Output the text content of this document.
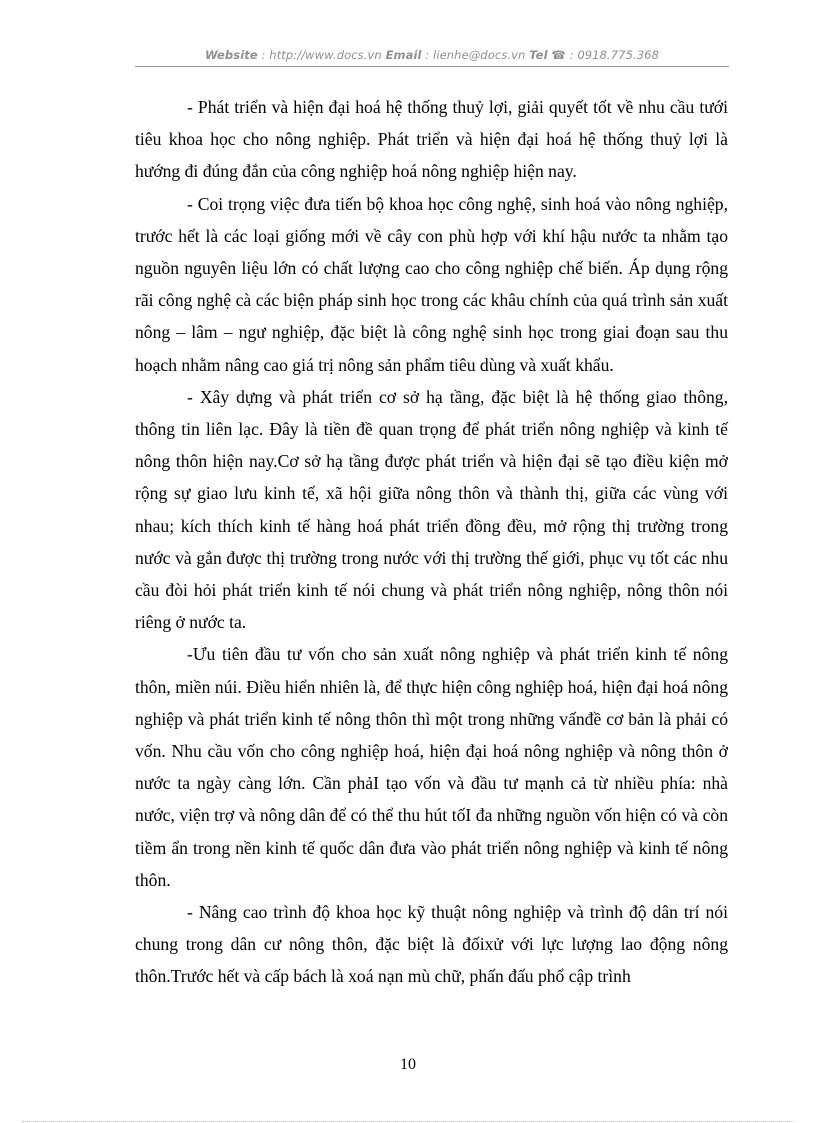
Website : http://www.docs.vn Email : lienhe@docs.vn Tel ☎ : 0918.775.368

- Phát triển và hiện đại hoá hệ thống thuỷ lợi, giải quyết tốt về nhu cầu tưới tiêu khoa học cho nông nghiệp. Phát triển và hiện đại hoá hệ thống thuỷ lợi là hướng đi đúng đắn của công nghiệp hoá nông nghiệp hiện nay.

- Coi trọng việc đưa tiến bộ khoa học công nghệ, sinh hoá vào nông nghiệp, trước hết là các loại giống mới về cây con phù hợp với khí hậu nước ta nhằm tạo nguồn nguyên liệu lớn có chất lượng cao cho công nghiệp chế biến. Áp dụng rộng rãi công nghệ cà các biện pháp sinh học trong các khâu chính của quá trình sản xuất nông – lâm – ngư nghiệp, đặc biệt là công nghệ sinh học trong giai đoạn sau thu hoạch nhằm nâng cao giá trị nông sản phẩm tiêu dùng và xuất khẩu.

- Xây dựng và phát triển cơ sở hạ tầng, đặc biệt là hệ thống giao thông, thông tin liên lạc. Đây là tiền đề quan trọng để phát triển nông nghiệp và kinh tế nông thôn hiện nay.Cơ sở hạ tầng được phát triển và hiện đại sẽ tạo điều kiện mở rộng sự giao lưu kinh tế, xã hội giữa nông thôn và thành thị, giữa các vùng với nhau; kích thích kinh tế hàng hoá phát triển đồng đều, mở rộng thị trường trong nước và gắn được thị trường trong nước với thị trường thế giới, phục vụ tốt các nhu cầu đòi hỏi phát triển kinh tế nói chung và phát triển nông nghiệp, nông thôn nói riêng ở nước ta.

-Ưu tiên đầu tư vốn cho sản xuất nông nghiệp và phát triển kinh tế nông thôn, miền núi. Điều hiển nhiên là, để thực hiện công nghiệp hoá, hiện đại hoá nông nghiệp và phát triển kinh tế nông thôn thì một trong những vấnđề cơ bản là phải có vốn. Nhu cầu vốn cho công nghiệp hoá, hiện đại hoá nông nghiệp và nông thôn ở nước ta ngày càng lớn. Cần phảI tạo vốn và đầu tư mạnh cả từ nhiều phía: nhà nước, viện trợ và nông dân để có thể thu hút tốI đa những nguồn vốn hiện có và còn tiềm ẩn trong nền kinh tế quốc dân đưa vào phát triển nông nghiệp và kinh tế nông thôn.

- Nâng cao trình độ khoa học kỹ thuật nông nghiệp và trình độ dân trí nói chung trong dân cư nông thôn, đặc biệt là đốixử với lực lượng lao động nông thôn.Trước hết và cấp bách là xoá nạn mù chữ, phấn đấu phổ cập trình

10
